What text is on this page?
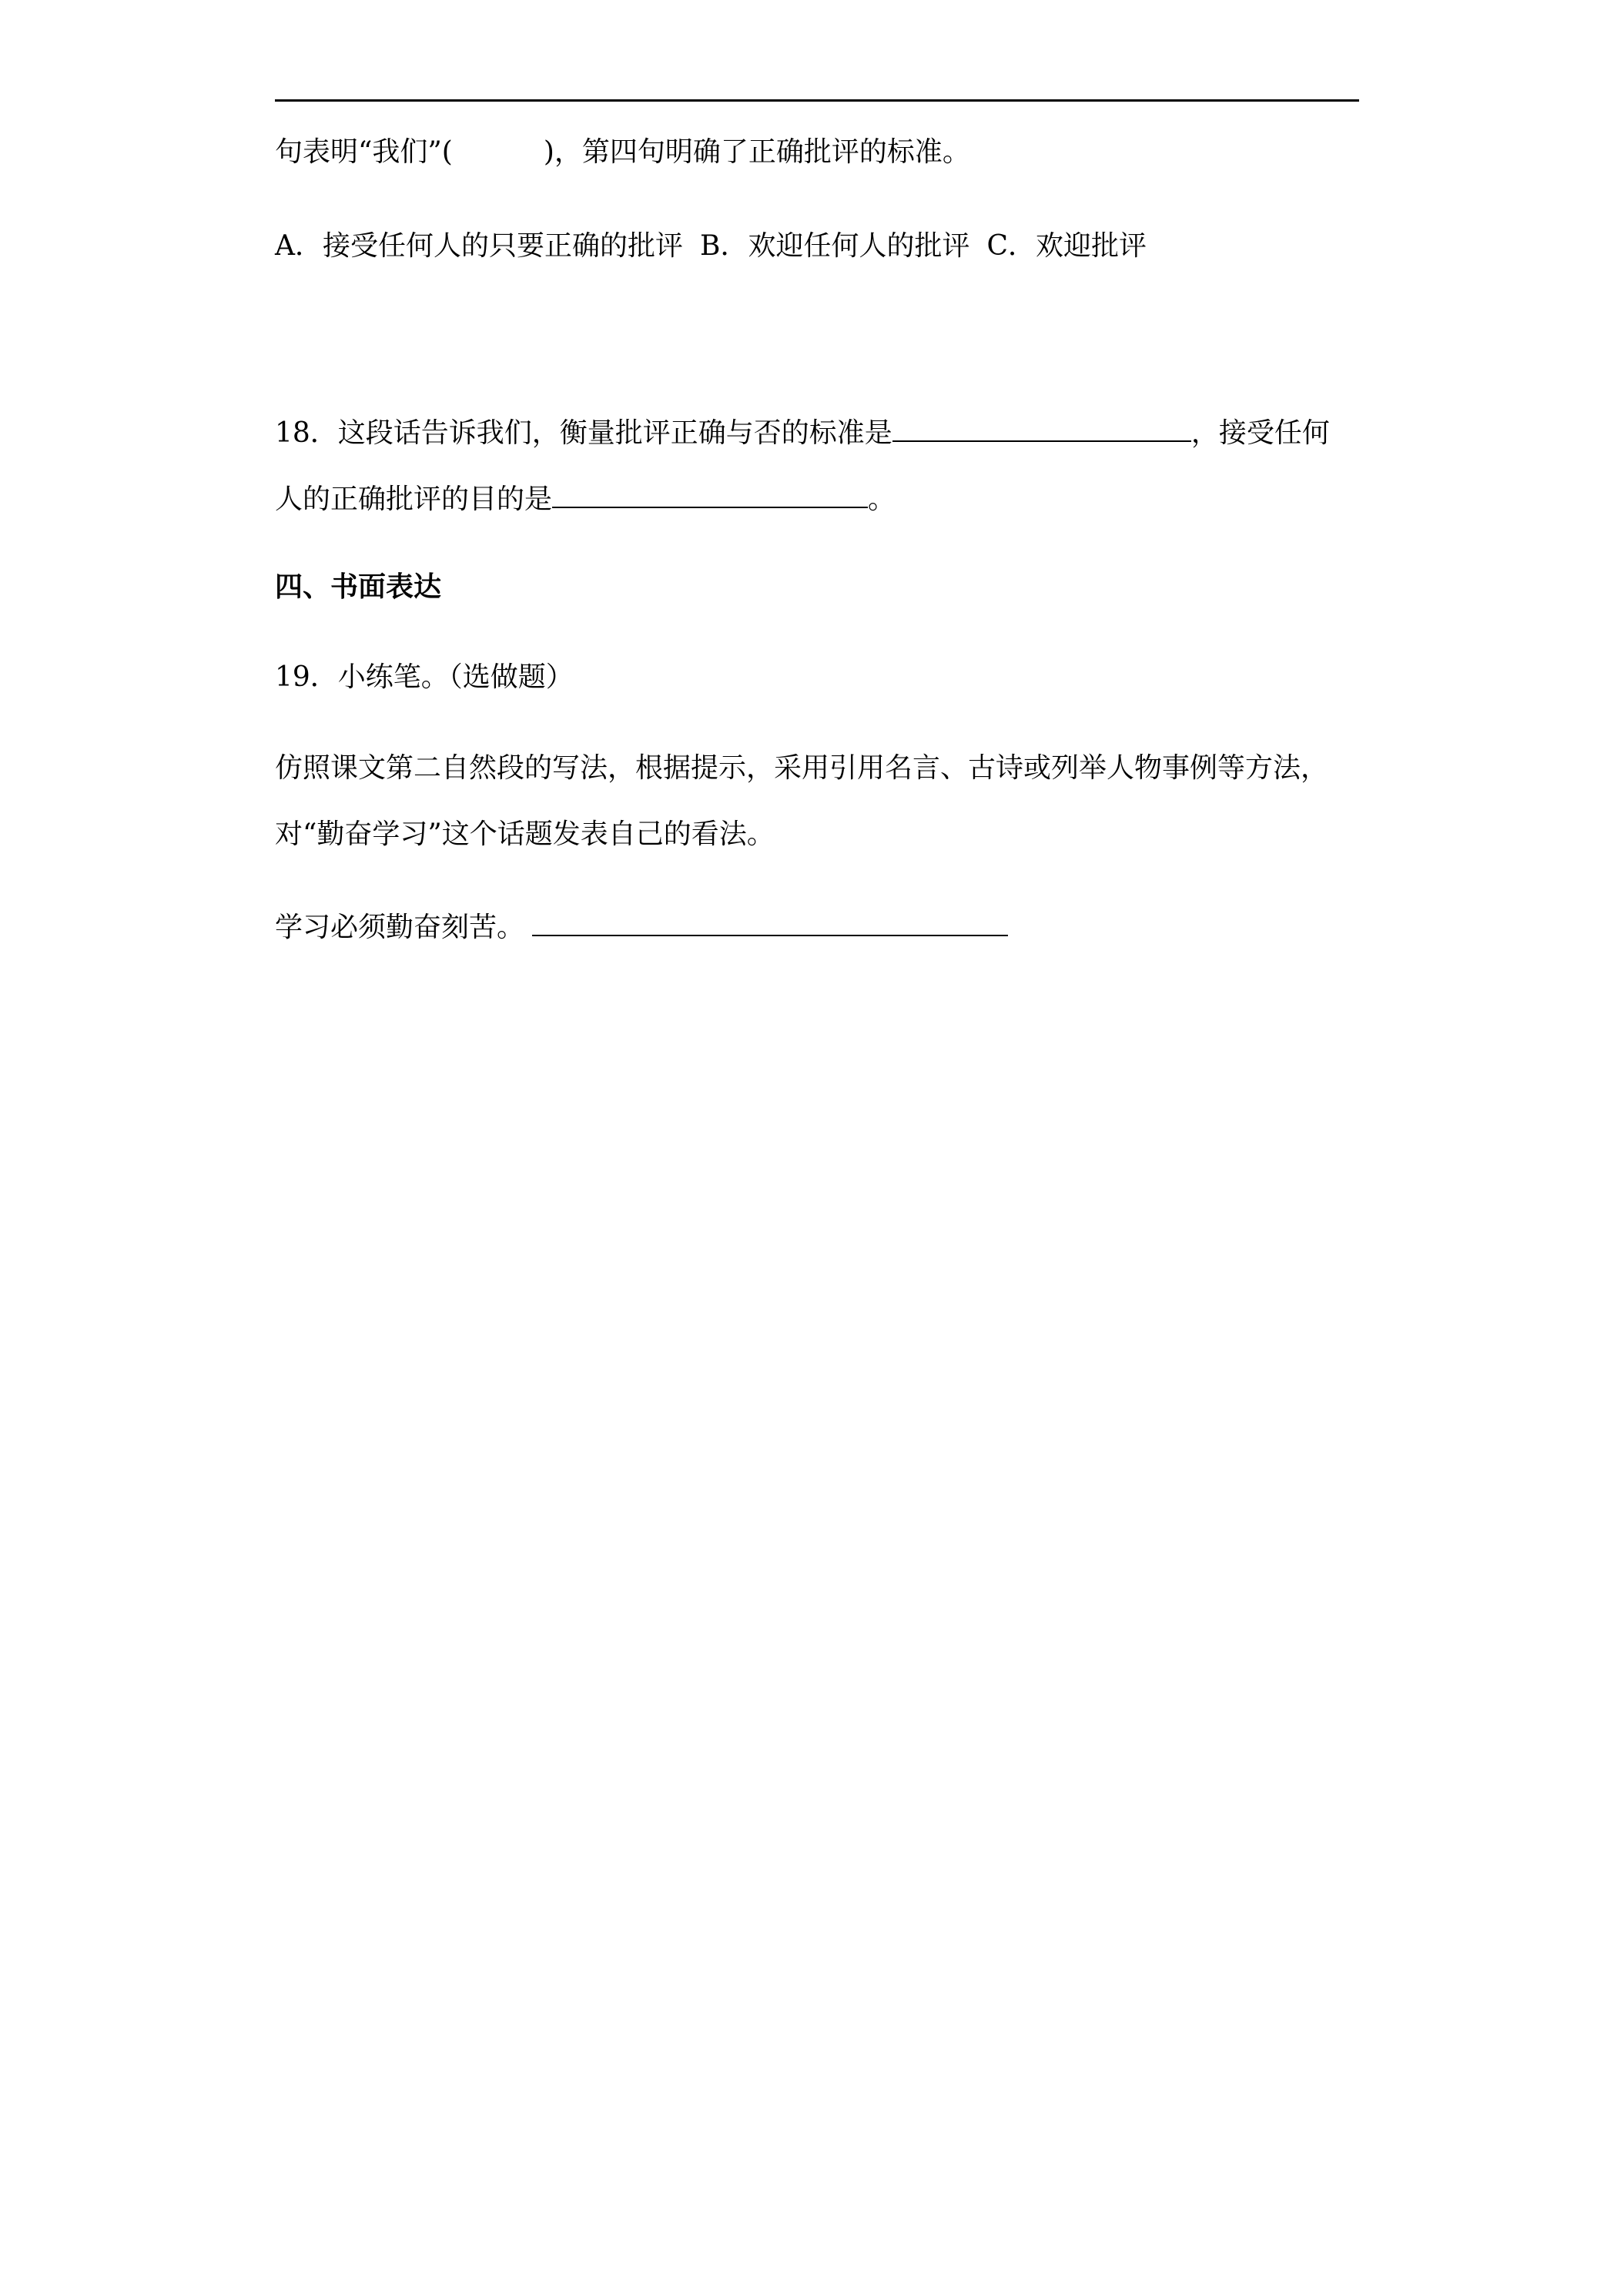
句表明“我们”(	)，第四句明确了正确批评的标准。
A．接受任何人的只要正确的批评 B．欢迎任何人的批评 C．欢迎批评
18．这段话告诉我们，衡量批评正确与否的标准是	，接受任何
人的正确批评的目的是	。
四、书面表达
19．小练笔。（选做题）
仿照课文第二自然段的写法，根据提示，采用引用名言、古诗或列举人物事例等方法，
对“勤奋学习”这个话题发表自己的看法。
学习必须勤奋刻苦。
